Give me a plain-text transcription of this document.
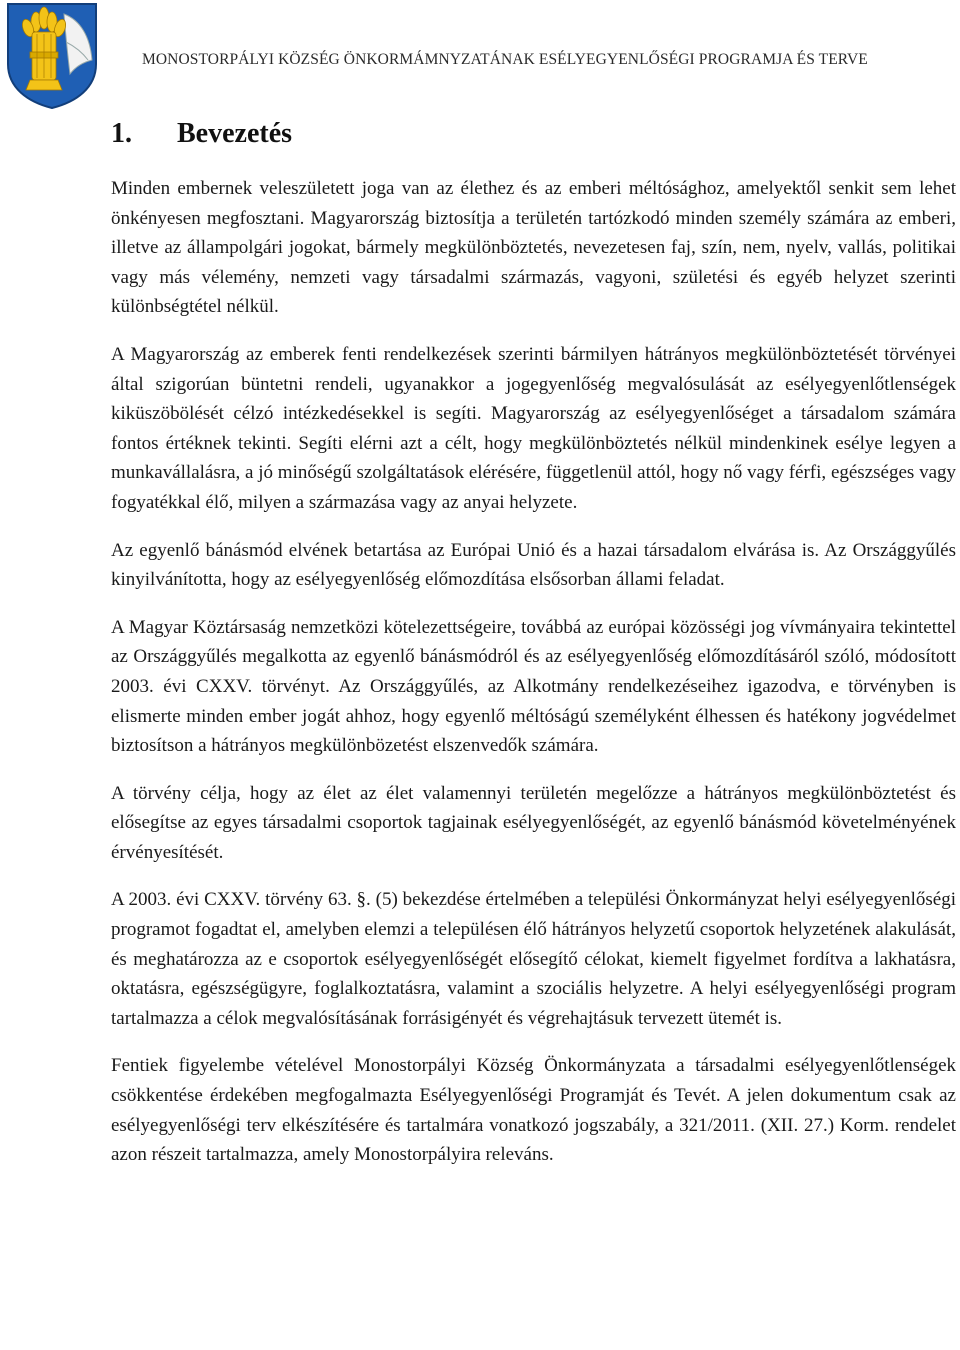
MONOSTORPÁLYI KÖZSÉG ÖNKORMÁMNYZATÁNAK ESÉLYEGYENLŐSÉGI PROGRAMJA ÉS TERVE
1. Bevezetés

Minden embernek veleszületett joga van az élethez és az emberi méltósághoz, amelyektől senkit sem lehet önkényesen megfosztani. Magyarország biztosítja a területén tartózkodó minden személy számára az emberi, illetve az állampolgári jogokat, bármely megkülönböztetés, nevezetesen faj, szín, nem, nyelv, vallás, politikai vagy más vélemény, nemzeti vagy társadalmi származás, vagyoni, születési és egyéb helyzet szerinti különbségtétel nélkül.

A Magyarország az emberek fenti rendelkezések szerinti bármilyen hátrányos megkülönböztetését törvényei által szigorúan büntetni rendeli, ugyanakkor a jogegyenlőség megvalósulását az esélyegyenlőtlenségek kiküszöbölését célzó intézkedésekkel is segíti. Magyarország az esélyegyenlőséget a társadalom számára fontos értéknek tekinti. Segíti elérni azt a célt, hogy megkülönböztetés nélkül mindenkinek esélye legyen a munkavállalásra, a jó minőségű szolgáltatások elérésére, függetlenül attól, hogy nő vagy férfi, egészséges vagy fogyatékkal élő, milyen a származása vagy az anyai helyzete.

Az egyenlő bánásmód elvének betartása az Európai Unió és a hazai társadalom elvárása is. Az Országgyűlés kinyilvánította, hogy az esélyegyenlőség előmozdítása elsősorban állami feladat.

A Magyar Köztársaság nemzetközi kötelezettségeire, továbbá az európai közösségi jog vívmányaira tekintettel az Országgyűlés megalkotta az egyenlő bánásmódról és az esélyegyenlőség előmozdításáról szóló, módosított 2003. évi CXXV. törvényt. Az Országgyűlés, az Alkotmány rendelkezéseihez igazodva, e törvényben is elismerte minden ember jogát ahhoz, hogy egyenlő méltóságú személyként élhessen és hatékony jogvédelmet biztosítson a hátrányos megkülönbözetést elszenvedők számára.

A törvény célja, hogy az élet az élet valamennyi területén megelőzze a hátrányos megkülönböztetést és elősegítse az egyes társadalmi csoportok tagjainak esélyegyenlőségét, az egyenlő bánásmód követelményének érvényesítését.

A 2003. évi CXXV. törvény 63. §. (5) bekezdése értelmében a települési Önkormányzat helyi esélyegyenlőségi programot fogadtat el, amelyben elemzi a településen élő hátrányos helyzetű csoportok helyzetének alakulását, és meghatározza az e csoportok esélyegyenlőségét elősegítő célokat, kiemelt figyelmet fordítva a lakhatásra, oktatásra, egészségügyre, foglalkoztatásra, valamint a szociális helyzetre. A helyi esélyegyenlőségi program tartalmazza a célok megvalósításának forrásigényét és végrehajtásuk tervezett ütemét is.

Fentiek figyelembe vételével Monostorpályi Község Önkormányzata a társadalmi esélyegyenlőtlenségek csökkentése érdekében megfogalmazta Esélyegyenlőségi Programját és Tevét. A jelen dokumentum csak az esélyegyenlőségi terv elkészítésére és tartalmára vonatkozó jogszabály, a 321/2011. (XII. 27.) Korm. rendelet azon részeit tartalmazza, amely Monostorpályira releváns.
